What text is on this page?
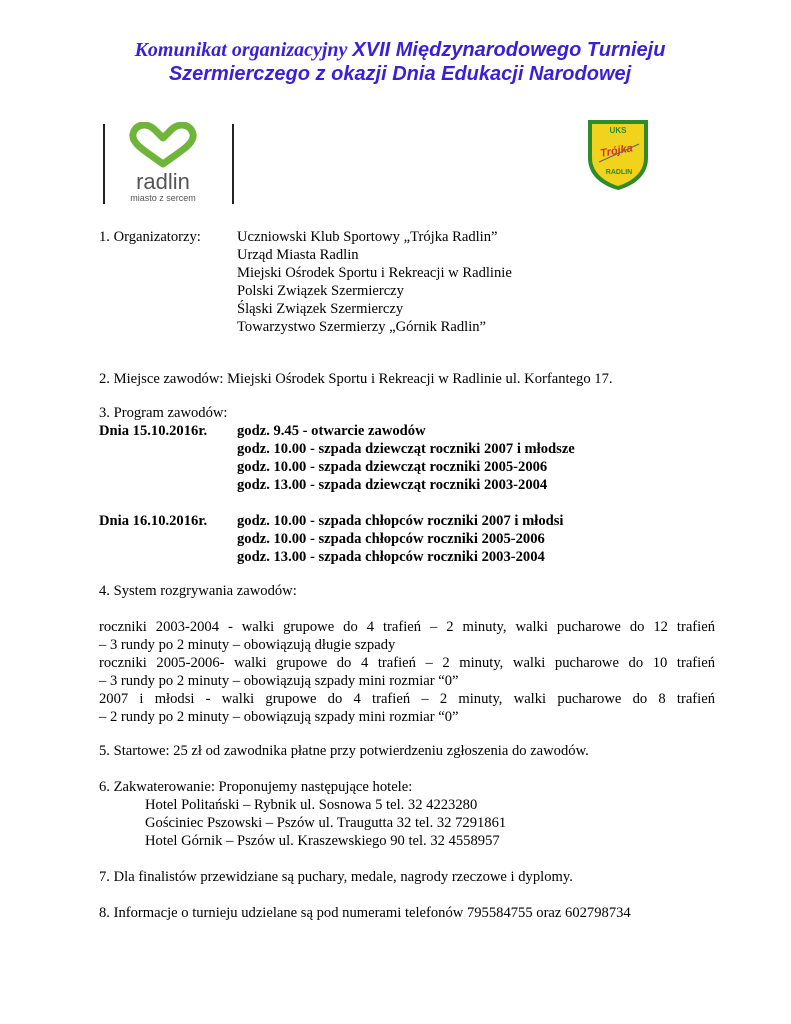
Komunikat organizacyjny XVII Międzynarodowego Turnieju
Szermierczego z okazji Dnia Edukacji Narodowej
radlin
miasto z sercem
UKS
Trójka
RADLIN
1. Organizatorzy: Uczniowski Klub Sportowy „Trójka Radlin”
Urząd Miasta Radlin
Miejski Ośrodek Sportu i Rekreacji w Radlinie
Polski Związek Szermierczy
Śląski Związek Szermierczy
Towarzystwo Szermierzy „Górnik Radlin”
2. Miejsce zawodów: Miejski Ośrodek Sportu i Rekreacji w Radlinie ul. Korfantego 17.
3. Program zawodów:
Dnia 15.10.2016r. godz. 9.45 - otwarcie zawodów
godz. 10.00 - szpada dziewcząt roczniki 2007 i młodsze
godz. 10.00 - szpada dziewcząt roczniki 2005-2006
godz. 13.00 - szpada dziewcząt roczniki 2003-2004
Dnia 16.10.2016r. godz. 10.00 - szpada chłopców roczniki 2007 i młodsi
godz. 10.00 - szpada chłopców roczniki 2005-2006
godz. 13.00 - szpada chłopców roczniki 2003-2004
4. System rozgrywania zawodów:
roczniki 2003-2004 - walki grupowe do 4 trafień – 2 minuty, walki pucharowe do 12 trafień
– 3 rundy po 2 minuty – obowiązują długie szpady
roczniki 2005-2006- walki grupowe do 4 trafień – 2 minuty, walki pucharowe do 10 trafień
– 3 rundy po 2 minuty – obowiązują szpady mini rozmiar “0”
2007 i młodsi - walki grupowe do 4 trafień – 2 minuty, walki pucharowe do 8 trafień
– 2 rundy po 2 minuty – obowiązują szpady mini rozmiar “0”
5. Startowe: 25 zł od zawodnika płatne przy potwierdzeniu zgłoszenia do zawodów.
6. Zakwaterowanie: Proponujemy następujące hotele:
Hotel Politański – Rybnik ul. Sosnowa 5 tel. 32 4223280
Gościniec Pszowski – Pszów ul. Traugutta 32 tel. 32 7291861
Hotel Górnik – Pszów ul. Kraszewskiego 90 tel. 32 4558957
7. Dla finalistów przewidziane są puchary, medale, nagrody rzeczowe i dyplomy.
8. Informacje o turnieju udzielane są pod numerami telefonów 795584755 oraz 602798734
